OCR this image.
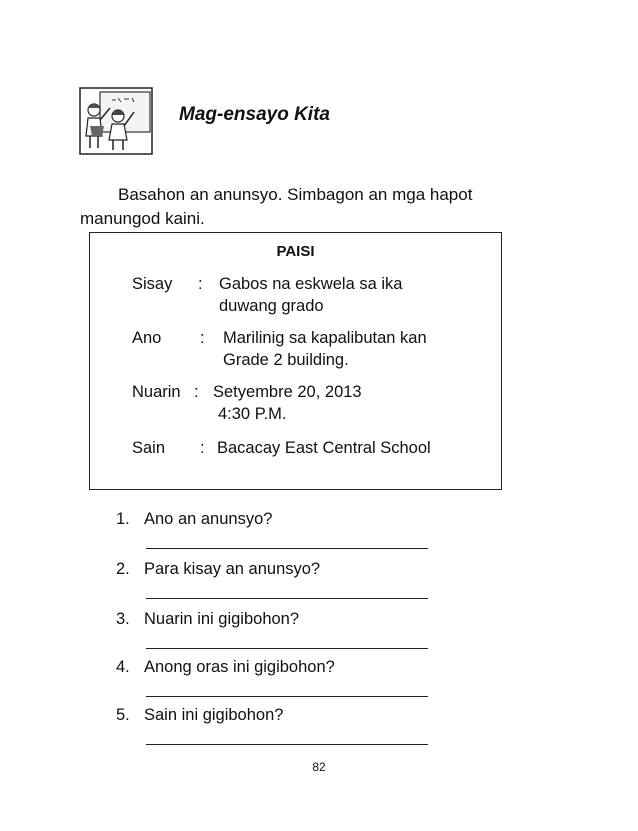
Mag-ensayo Kita
Basahon an anunsyo. Simbagon an mga hapot
manungod kaini.
PAISI
Sisay : Gabos na eskwela sa ika
duwang grado
Ano : Marilinig sa kapalibutan kan
Grade 2 building.
Nuarin : Setyembre 20, 2013
4:30 P.M.
Sain : Bacacay East Central School
1. Ano an anunsyo?
2. Para kisay an anunsyo?
3. Nuarin ini gigibohon?
4. Anong oras ini gigibohon?
5. Sain ini gigibohon?
82
